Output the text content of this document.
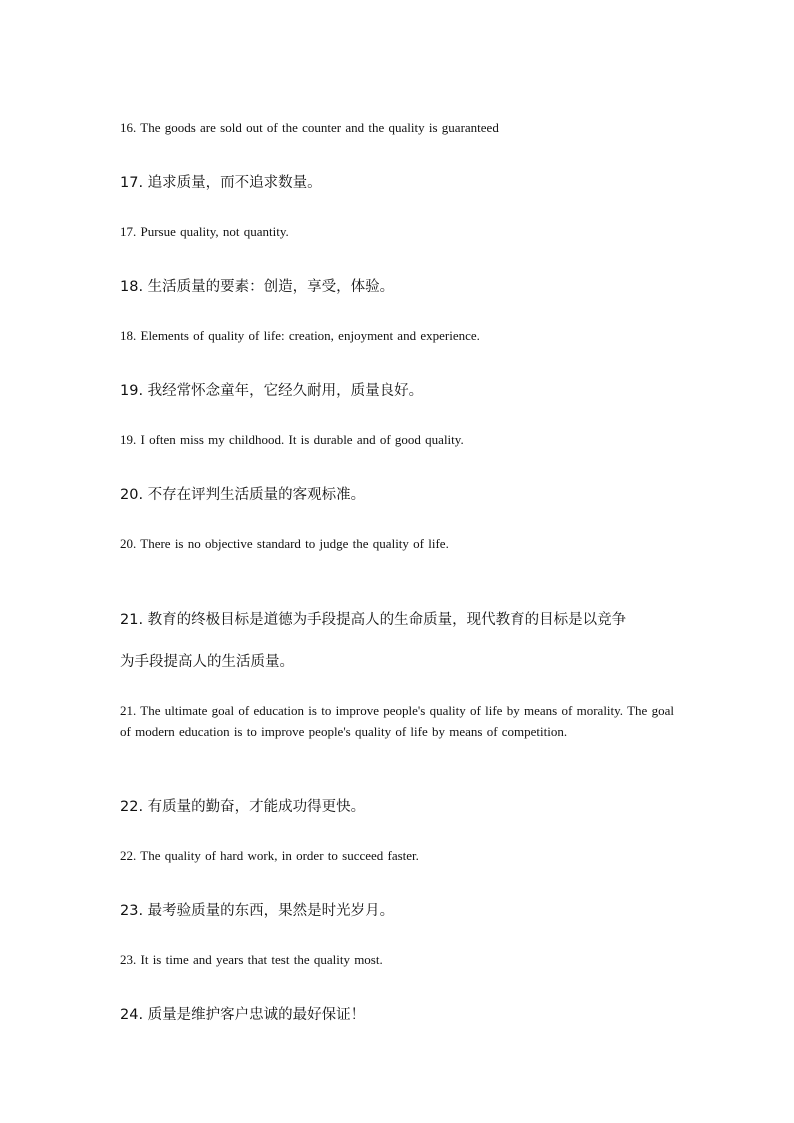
16. The goods are sold out of the counter and the quality is guaranteed
17. 追求质量，而不追求数量。
17. Pursue quality, not quantity.
18. 生活质量的要素：创造，享受，体验。
18. Elements of quality of life: creation, enjoyment and experience.
19. 我经常怀念童年，它经久耐用，质量良好。
19. I often miss my childhood. It is durable and of good quality.
20. 不存在评判生活质量的客观标准。
20. There is no objective standard to judge the quality of life.
21. 教育的终极目标是道德为手段提高人的生命质量，现代教育的目标是以竞争
为手段提高人的生活质量。
21. The ultimate goal of education is to improve people's quality of life by means of morality. The goal of modern education is to improve people's quality of life by means of competition.
22. 有质量的勤奋，才能成功得更快。
22. The quality of hard work, in order to succeed faster.
23. 最考验质量的东西，果然是时光岁月。
23. It is time and years that test the quality most.
24. 质量是维护客户忠诚的最好保证！
